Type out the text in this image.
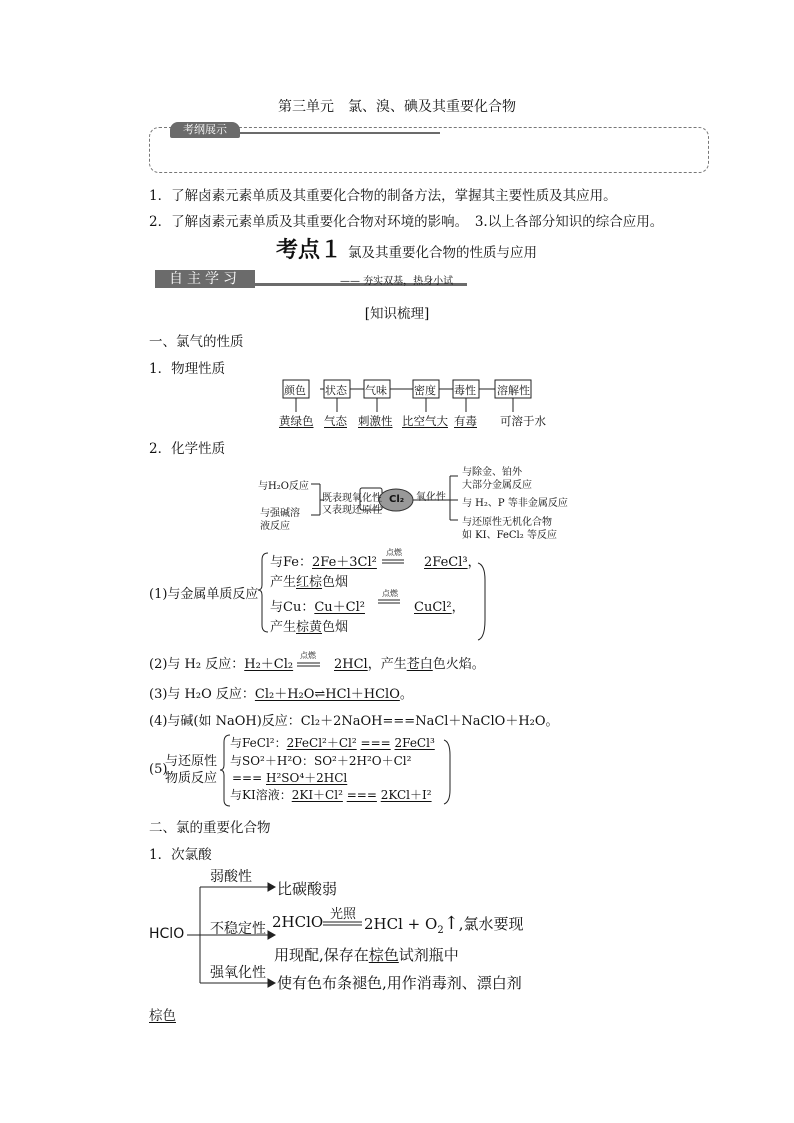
第三单元　氯、溴、碘及其重要化合物
考纲展示
1．了解卤素元素单质及其重要化合物的制备方法，掌握其主要性质及其应用。
2．了解卤素元素单质及其重要化合物对环境的影响。　3.以上各部分知识的综合应用。
考点１ 氯及其重要化合物的性质与应用
自主学习	—— 夯实双基，热身小试
[知识梳理]
一、氯气的性质
1．物理性质
颜色 状态 气味 密度 毒性 溶解性
黄绿色 气态 刺激性 比空气大 有毒 可溶于水
2．化学性质
与H₂O反应
与强碱溶
液反应
既表现氧化性
又表现还原性
Cl₂ 氧化性
与除金、铂外
大部分金属反应
与 H₂、P 等非金属反应
与还原性无机化合物
如 KI、FeCl₂ 等反应
(1)与金属单质反应
与Fe：2Fe＋3Cl²
点燃
2FeCl³，
产生红棕色烟
与Cu：Cu＋Cl²
点燃
CuCl²，
产生棕黄色烟
(2)与 H₂ 反应：H₂＋Cl₂
点燃
2HCl，产生苍白色火焰。
(3)与 H₂O 反应：Cl₂＋H₂O⇌HCl＋HClO。
(4)与碱(如 NaOH)反应：Cl₂＋2NaOH===NaCl＋NaClO＋H₂O。
(5)
与还原性
物质反应
与FeCl²：2FeCl²＋Cl² === 2FeCl³
与SO²＋H²O：SO²＋2H²O＋Cl²
=== H²SO⁴＋2HCl
与KI溶液：2KI＋Cl² === 2KCl＋I²
二、氯的重要化合物
1．次氯酸
HClO
弱酸性
比碳酸弱
不稳定性 2HClO 光照
$2HCl + O_2↑$,氯水要现
用现配,保存在棕色试剂瓶中
强氧化性
使有色布条褪色,用作消毒剂、漂白剂
棕色
